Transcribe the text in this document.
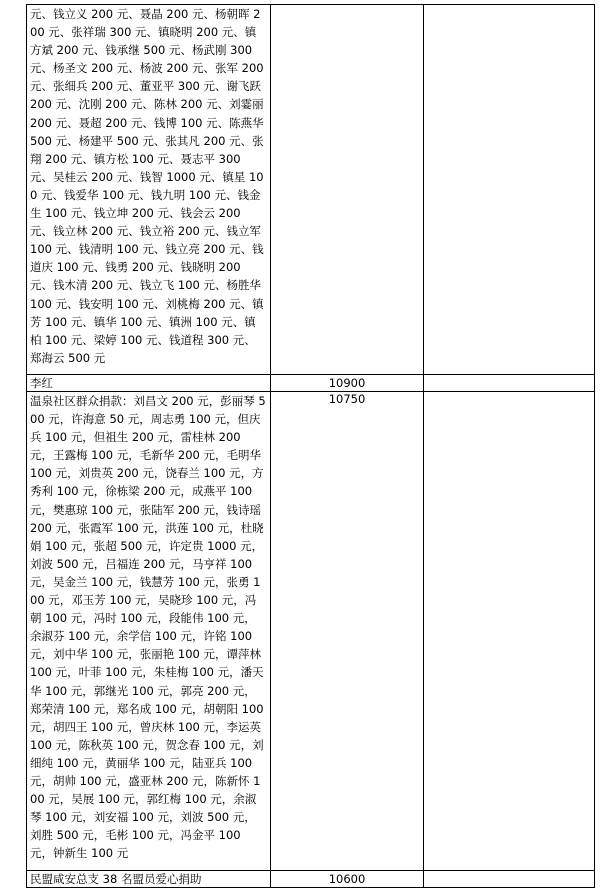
元、钱立义 200 元、聂晶 200 元、杨朝晖 200 元、张祥瑞 300 元、镇晓明 200 元、镇方斌 200 元、钱承继 500 元、杨武刚 300 元、杨圣文 200 元、杨波 200 元、张军 200 元、张细兵 200 元、董亚平 300 元、谢飞跃 200 元、沈刚 200 元、陈林 200 元、刘霎丽 200 元、聂超 200 元、钱博 100 元、陈燕华 500 元、杨建平 500 元、张其凡 200 元、张翔 200 元、镇方松 100 元、聂志平 300 元、吴桂云 200 元、钱智 1000 元、镇星 100 元、钱爱华 100 元、钱九明 100 元、钱金生 100 元、钱立坤 200 元、钱会云 200 元、钱立林 200 元、钱立裕 200 元、钱立军 100 元、钱清明 100 元、钱立亮 200 元、钱道庆 100 元、钱勇 200 元、钱晓明 200 元、钱木清 200 元、钱立飞 100 元、杨胜华 100 元、钱安明 100 元、刘桃梅 200 元、镇芳 100 元、镇华 100 元、镇洲 100 元、镇柏 100 元、梁婷 100 元、钱道程 300 元、郑海云 500 元		
李红	10900	
温泉社区群众捐款：刘昌文 200 元，彭丽琴 500 元，许海意 50 元，周志勇 100 元，但庆兵 100 元，但祖生 200 元，雷桂林 200 元，王露梅 100 元，毛新华 200 元，毛明华 100 元，刘贵英 200 元，饶春兰 100 元，方秀利 100 元，徐栋梁 200 元，成燕平 100 元，樊惠琼 100 元，张陆军 200 元，钱诗瑶 200 元，张霞军 100 元，洪莲 100 元，杜晓娟 100 元，张超 500 元，许定贵 1000 元，刘波 500 元，吕福连 200 元，马亨祥 100 元，吴金兰 100 元，钱慧芳 100 元，张勇 100 元，邓玉芳 100 元，吴晓珍 100 元，冯朝 100 元，冯时 100 元，段能伟 100 元，余淑芬 100 元，余学信 100 元，许铭 100 元，刘中华 100 元，张丽艳 100 元，谭萍林 100 元，叶菲 100 元，朱桂梅 100 元，潘天华 100 元，郭继光 100 元，郭亮 200 元，郑荣清 100 元，郑名成 100 元，胡朝阳 100 元，胡四王 100 元，曾庆林 100 元，李运英 100 元，陈秋英 100 元，贺念春 100 元，刘细纯 100 元，黄丽华 100 元，陆亚兵 100 元，胡帅 100 元，盛亚林 200 元，陈新怀 100 元，吴展 100 元，郭红梅 100 元，余淑琴 100 元，刘安福 100 元，刘波 500 元，刘胜 500 元，毛彬 100 元，冯金平 100 元，钟新生 100 元	10750	
民盟咸安总支 38 名盟员爱心捐助	10600	
